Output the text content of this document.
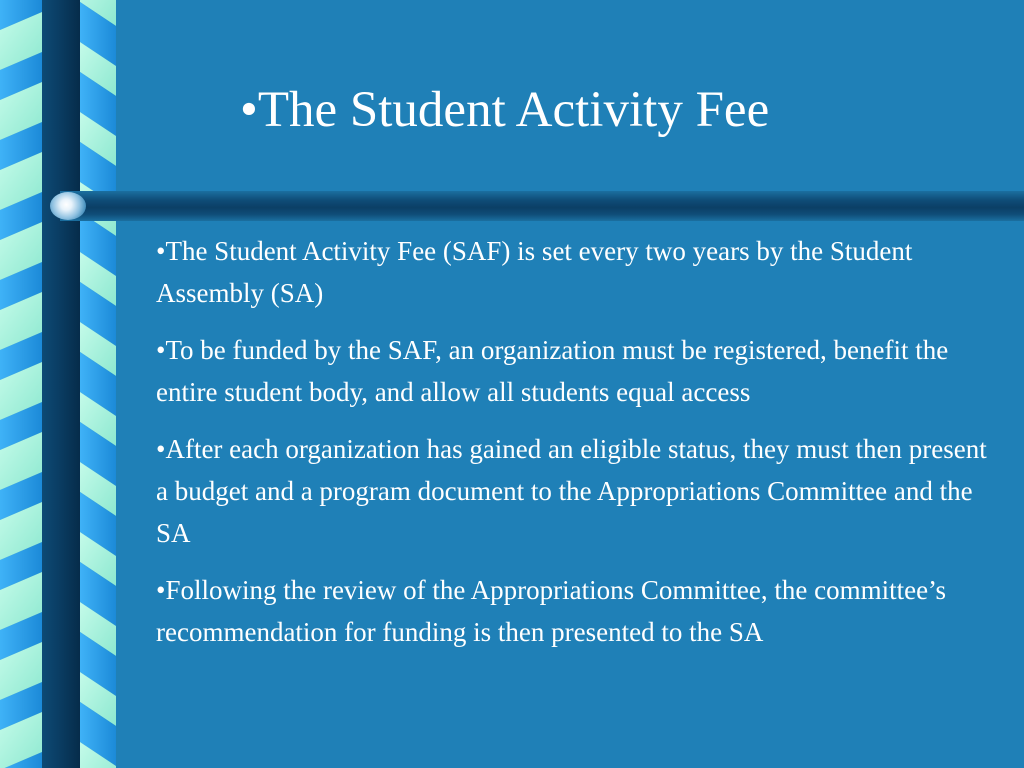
•The Student Activity Fee

•The Student Activity Fee (SAF) is set every two years by the Student Assembly (SA)

•To be funded by the SAF, an organization must be registered, benefit the entire student body, and allow all students equal access

•After each organization has gained an eligible status, they must then present a budget and a program document to the Appropriations Committee and the SA

•Following the review of the Appropriations Committee, the committee’s recommendation for funding is then presented to the SA
